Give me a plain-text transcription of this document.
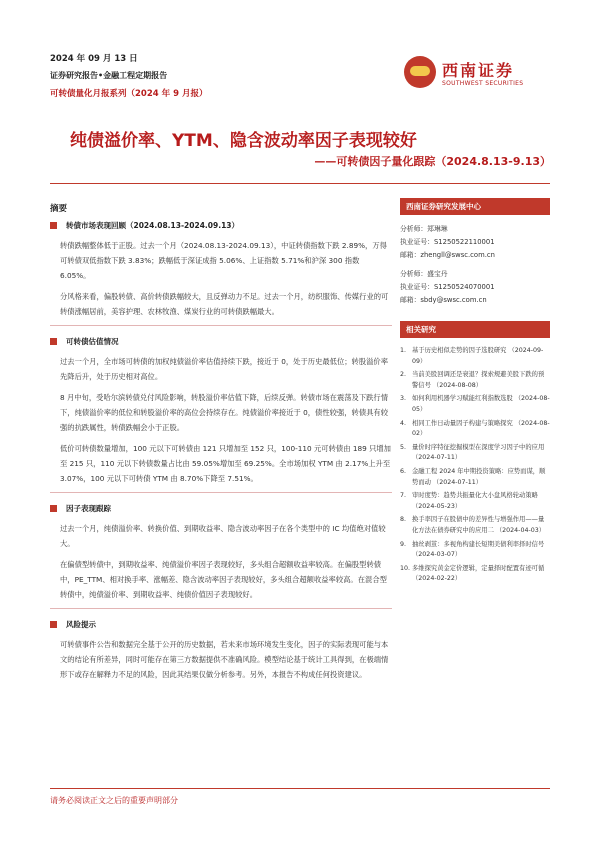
2024 年 09 月 13 日
证券研究报告•金融工程定期报告
可转债量化月报系列（2024 年 9 月报）
西南证券
SOUTHWEST SECURITIES
纯债溢价率、YTM、隐含波动率因子表现较好
——可转债因子量化跟踪（2024.8.13-9.13）
摘要
转债市场表现回顾（2024.08.13-2024.09.13）
转债跌幅整体低于正股。过去一个月（2024.08.13-2024.09.13），中证转债指数下跌 2.89%，万得可转债双低指数下跌 3.83%；跌幅低于深证成指 5.06%、上证指数 5.71%和沪深 300 指数 6.05%。
分风格来看，偏股转债、高价转债跌幅较大，且反弹动力不足。过去一个月，纺织服饰、传媒行业的可转债涨幅居前，美容护理、农林牧渔、煤炭行业的可转债跌幅最大。
可转债估值情况
过去一个月，全市场可转债的加权纯债溢价率估值持续下跌，接近于 0，处于历史最低位；转股溢价率先降后升，处于历史相对高位。
8 月中旬，受哈尔滨转债兑付风险影响，转股溢价率估值下降，后续反弹。转债市场在震荡及下跌行情下，纯债溢价率的低位和转股溢价率的高位会持续存在。纯债溢价率接近于 0，债性较强，转债具有较强的抗跌属性，转债跌幅会小于正股。
低价可转债数量增加，100 元以下可转债由 121 只增加至 152 只，100-110 元可转债由 189 只增加至 215 只，110 元以下转债数量占比由 59.05%增加至 69.25%。全市场加权 YTM 由 2.17%上升至 3.07%，100 元以下可转债 YTM 由 8.70%下降至 7.51%。
因子表现跟踪
过去一个月，纯债溢价率、转换价值、到期收益率、隐含波动率因子在各个类型中的 IC 均值绝对值较大。
在偏债型转债中，到期收益率、纯债溢价率因子表现较好，多头组合超额收益率较高。在偏股型转债中，PE_TTM、相对换手率、涨幅差、隐含波动率因子表现较好，多头组合超额收益率较高。在混合型转债中，纯债溢价率、到期收益率、纯债价值因子表现较好。
风险提示
可转债事件公告和数据完全基于公开的历史数据，若未来市场环境发生变化，因子的实际表现可能与本文的结论有所差异，同时可能存在第三方数据提供不准确风险。模型结论基于统计工具得到，在极端情形下或存在解释力不足的风险，因此其结果仅做分析参考。另外，本报告不构成任何投资建议。
西南证券研究发展中心
分析师：郑琳琳
执业证号：S1250522110001
邮箱：zhengll@swsc.com.cn
分析师：盛宝丹
执业证号：S1250524070001
邮箱：sbdy@swsc.com.cn
相关研究
1. 基于历史相似走势的因子选股研究 （2024-09-09）
2. 当前美股回调还是衰退？探索规避美股下跌的预警信号 （2024-08-08）
3. 如何利用机器学习赋能红利指数选股 （2024-08-05）
4. 相同工作日动量因子构建与策略探究 （2024-08-02）
5. 量价时序特征挖掘模型在深度学习因子中的应用 （2024-07-11）
6. 金融工程 2024 年中期投资策略：应势而谋，顺势而动 （2024-07-11）
7. 审时度势：趋势共振量化大小盘风格轮动策略 （2024-05-23）
8. 换手率因子在股债中的差异性与增强作用——量化方法在债券研究中的应用二 （2024-04-03）
9. 抽丝剥茧：多视角构建长短期美债利率择时信号 （2024-03-07）
10. 多维探究黄金定价逻辑，定量择时配置有迹可循 （2024-02-22）
请务必阅读正文之后的重要声明部分
